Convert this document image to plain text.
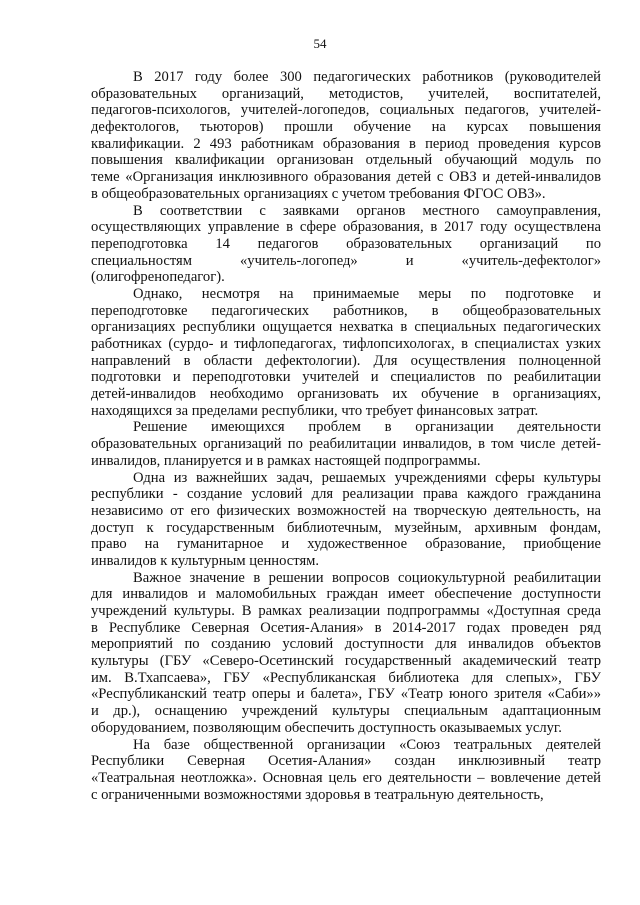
54
В 2017 году более 300 педагогических работников (руководителей
образовательных организаций, методистов, учителей, воспитателей,
педагогов-психологов, учителей-логопедов, социальных педагогов, учителей-
дефектологов, тьюторов) прошли обучение на курсах повышения
квалификации. 2 493 работникам образования в период проведения курсов
повышения квалификации организован отдельный обучающий модуль по
теме «Организация инклюзивного образования детей с ОВЗ и детей-инвалидов
в общеобразовательных организациях с учетом требования ФГОС ОВЗ».
В соответствии с заявками органов местного самоуправления,
осуществляющих управление в сфере образования, в 2017 году осуществлена
переподготовка 14 педагогов образовательных организаций по
специальностям «учитель-логопед» и «учитель-дефектолог»
(олигофренопедагог).
Однако, несмотря на принимаемые меры по подготовке и
переподготовке педагогических работников, в общеобразовательных
организациях республики ощущается нехватка в специальных педагогических
работниках (сурдо- и тифлопедагогах, тифлопсихологах, в специалистах узких
направлений в области дефектологии). Для осуществления полноценной
подготовки и переподготовки учителей и специалистов по реабилитации
детей-инвалидов необходимо организовать их обучение в организациях,
находящихся за пределами республики, что требует финансовых затрат.
Решение имеющихся проблем в организации деятельности
образовательных организаций по реабилитации инвалидов, в том числе детей-
инвалидов, планируется и в рамках настоящей подпрограммы.
Одна из важнейших задач, решаемых учреждениями сферы культуры
республики - создание условий для реализации права каждого гражданина
независимо от его физических возможностей на творческую деятельность, на
доступ к государственным библиотечным, музейным, архивным фондам,
право на гуманитарное и художественное образование, приобщение
инвалидов к культурным ценностям.
Важное значение в решении вопросов социокультурной реабилитации
для инвалидов и маломобильных граждан имеет обеспечение доступности
учреждений культуры. В рамках реализации подпрограммы «Доступная среда
в Республике Северная Осетия-Алания» в 2014-2017 годах проведен ряд
мероприятий по созданию условий доступности для инвалидов объектов
культуры (ГБУ «Северо-Осетинский государственный академический театр
им. В.Тхапсаева», ГБУ «Республиканская библиотека для слепых», ГБУ
«Республиканский театр оперы и балета», ГБУ «Театр юного зрителя «Саби»»
и др.), оснащению учреждений культуры специальным адаптационным
оборудованием, позволяющим обеспечить доступность оказываемых услуг.
На базе общественной организации «Союз театральных деятелей
Республики Северная Осетия-Алания» создан инклюзивный театр
«Театральная неотложка». Основная цель его деятельности – вовлечение детей
с ограниченными возможностями здоровья в театральную деятельность,
